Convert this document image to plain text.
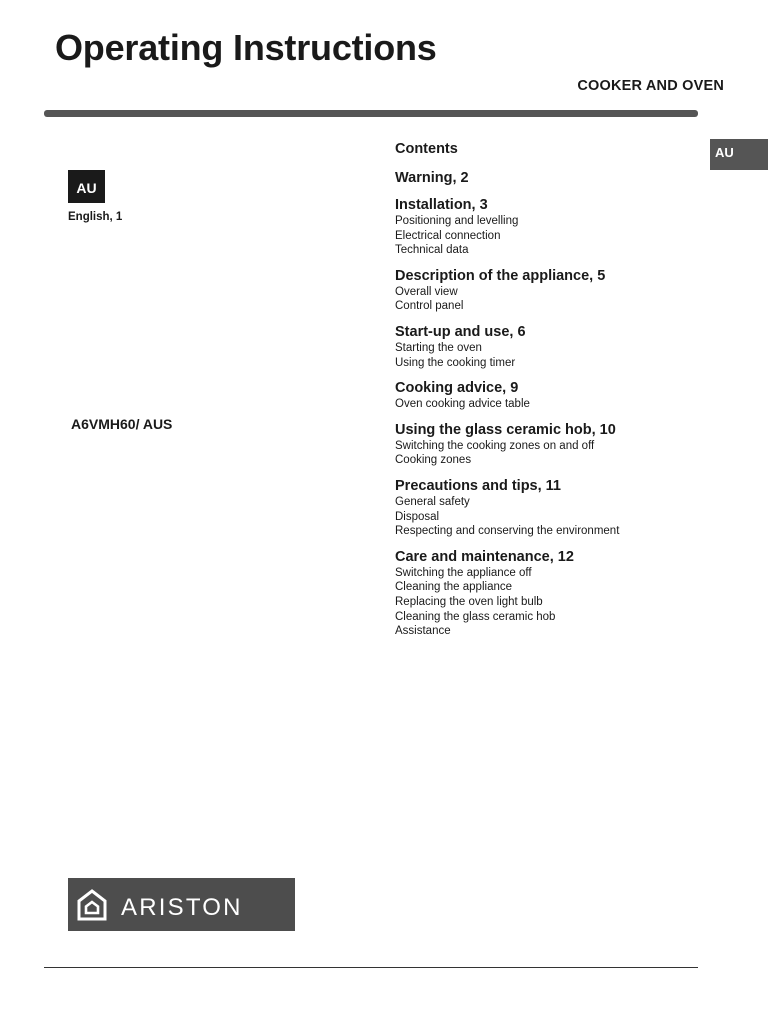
Operating Instructions
COOKER AND OVEN
AU
AU
English, 1
A6VMH60/ AUS
Contents
Warning, 2
Installation, 3
Positioning and levelling
Electrical connection
Technical data
Description of the appliance, 5
Overall view
Control panel
Start-up and use, 6
Starting the oven
Using the cooking timer
Cooking advice, 9
Oven cooking advice table
Using the glass ceramic hob, 10
Switching the cooking zones on and off
Cooking zones
Precautions and tips, 11
General safety
Disposal
Respecting and conserving the environment
Care and maintenance, 12
Switching the appliance off
Cleaning the appliance
Replacing the oven light bulb
Cleaning the glass ceramic hob
Assistance
ARISTON
